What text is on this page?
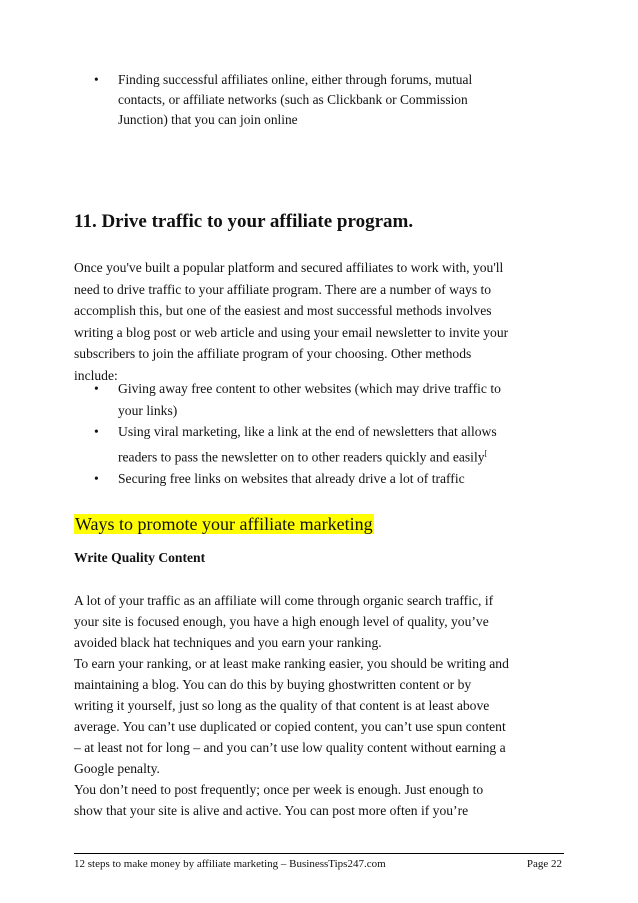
• Finding successful affiliates online, either through forums, mutual
contacts, or affiliate networks (such as Clickbank or Commission
Junction) that you can join online
11. Drive traffic to your affiliate program.

Once you've built a popular platform and secured affiliates to work with, you'll
need to drive traffic to your affiliate program. There are a number of ways to
accomplish this, but one of the easiest and most successful methods involves
writing a blog post or web article and using your email newsletter to invite your
subscribers to join the affiliate program of your choosing. Other methods
include:

• Giving away free content to other websites (which may drive traffic to
your links)
• Using viral marketing, like a link at the end of newsletters that allows
readers to pass the newsletter on to other readers quickly and easily[
• Securing free links on websites that already drive a lot of traffic
Ways to promote your affiliate marketing

Write Quality Content

A lot of your traffic as an affiliate will come through organic search traffic, if
your site is focused enough, you have a high enough level of quality, you’ve
avoided black hat techniques and you earn your ranking.
To earn your ranking, or at least make ranking easier, you should be writing and
maintaining a blog. You can do this by buying ghostwritten content or by
writing it yourself, just so long as the quality of that content is at least above
average. You can’t use duplicated or copied content, you can’t use spun content
– at least not for long – and you can’t use low quality content without earning a
Google penalty.
You don’t need to post frequently; once per week is enough. Just enough to
show that your site is alive and active. You can post more often if you’re

12 steps to make money by affiliate marketing – BusinessTips247.com	Page 22
